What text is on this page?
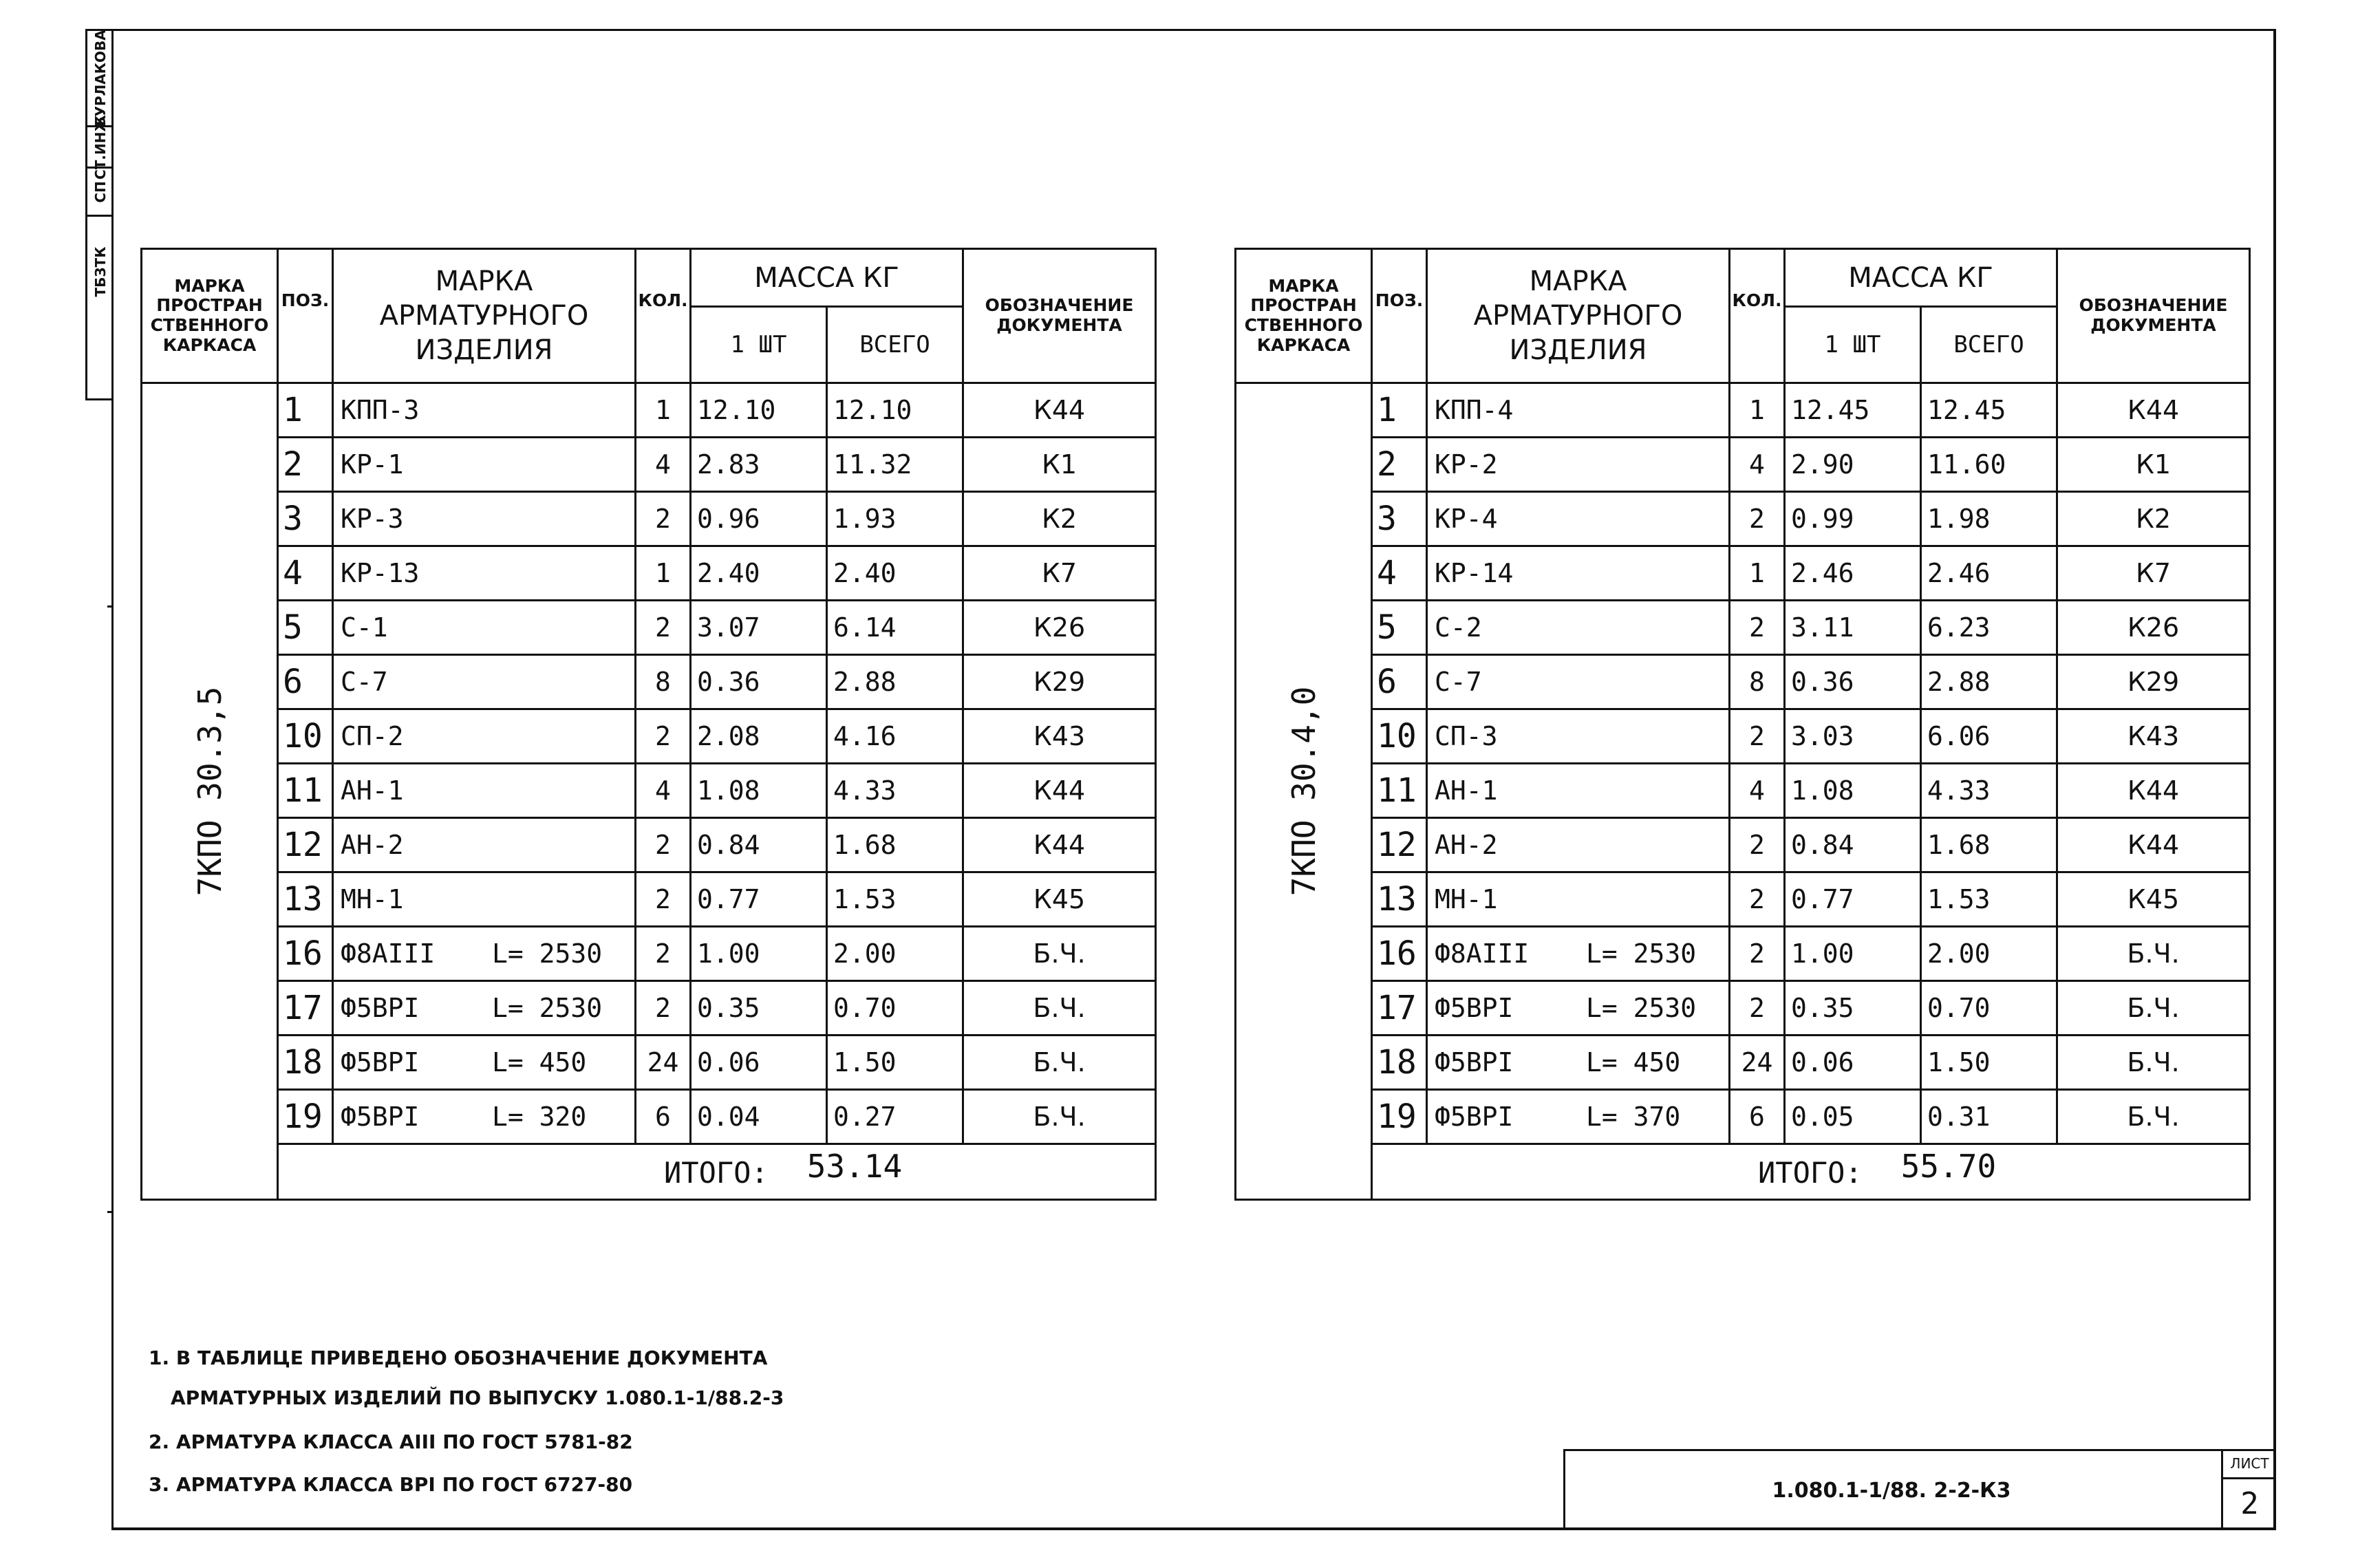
БУРЛАКОВА
СТ.ИНЖ
СП
ТБЗТК	МАРКА
ПРОСТРАН
СТВЕННОГО
КАРКАСА	ПОЗ.	МАРКА
АРМАТУРНОГО
ИЗДЕЛИЯ	КОЛ.	МАССА КГ		ОБОЗНАЧЕНИЕ
ДОКУМЕНТА
				1 ШТ	ВСЕГО	

7КПО 30.3,5	1	КПП-3	1	12.10	12.10	К44
	2	КР-1	4	2.83	11.32	К1
	3	КР-3	2	0.96	1.93	К2
	4	КР-13	1	2.40	2.40	К7
	5	С-1	2	3.07	6.14	К26
	6	С-7	8	0.36	2.88	К29
	10	СП-2	2	2.08	4.16	К43
	11	АН-1	4	1.08	4.33	К44
	12	АН-2	2	0.84	1.68	К44
	13	МН-1	2	0.77	1.53	К45
	16	Ф8АIII L= 2530	2	1.00	2.00	Б.Ч.
	17	Ф5ВРI L= 2530	2	0.35	0.70	Б.Ч.
	18	Ф5ВРI L= 450	24	0.06	1.50	Б.Ч.
	19	Ф5ВРI L= 320	6	0.04	0.27	Б.Ч.
	ИТОГО: 53.14					
МАРКА
ПРОСТРАН
СТВЕННОГО
КАРКАСА	ПОЗ.	МАРКА
АРМАТУРНОГО
ИЗДЕЛИЯ	КОЛ.	МАССА КГ		ОБОЗНАЧЕНИЕ
ДОКУМЕНТА
				1 ШТ	ВСЕГО	

7КПО 30.4,0	1	КПП-4	1	12.45	12.45	К44
	2	КР-2	4	2.90	11.60	К1
	3	КР-4	2	0.99	1.98	К2
	4	КР-14	1	2.46	2.46	К7
	5	С-2	2	3.11	6.23	К26
	6	С-7	8	0.36	2.88	К29
	10	СП-3	2	3.03	6.06	К43
	11	АН-1	4	1.08	4.33	К44
	12	АН-2	2	0.84	1.68	К44
	13	МН-1	2	0.77	1.53	К45
	16	Ф8АIII L= 2530	2	1.00	2.00	Б.Ч.
	17	Ф5ВРI L= 2530	2	0.35	0.70	Б.Ч.
	18	Ф5ВРI L= 450	24	0.06	1.50	Б.Ч.
	19	Ф5ВРI L= 370	6	0.05	0.31	Б.Ч.
	ИТОГО: 55.70					
1. В ТАБЛИЦЕ ПРИВЕДЕНО ОБОЗНАЧЕНИЕ ДОКУМЕНТА
АРМАТУРНЫХ ИЗДЕЛИЙ ПО ВЫПУСКУ 1.080.1-1/88.2-3
2. АРМАТУРА КЛАССА АIII ПО ГОСТ 5781-82
3. АРМАТУРА КЛАССА ВРI ПО ГОСТ 6727-80	1.080.1-1/88. 2-2-К3
ЛИСТ
2
